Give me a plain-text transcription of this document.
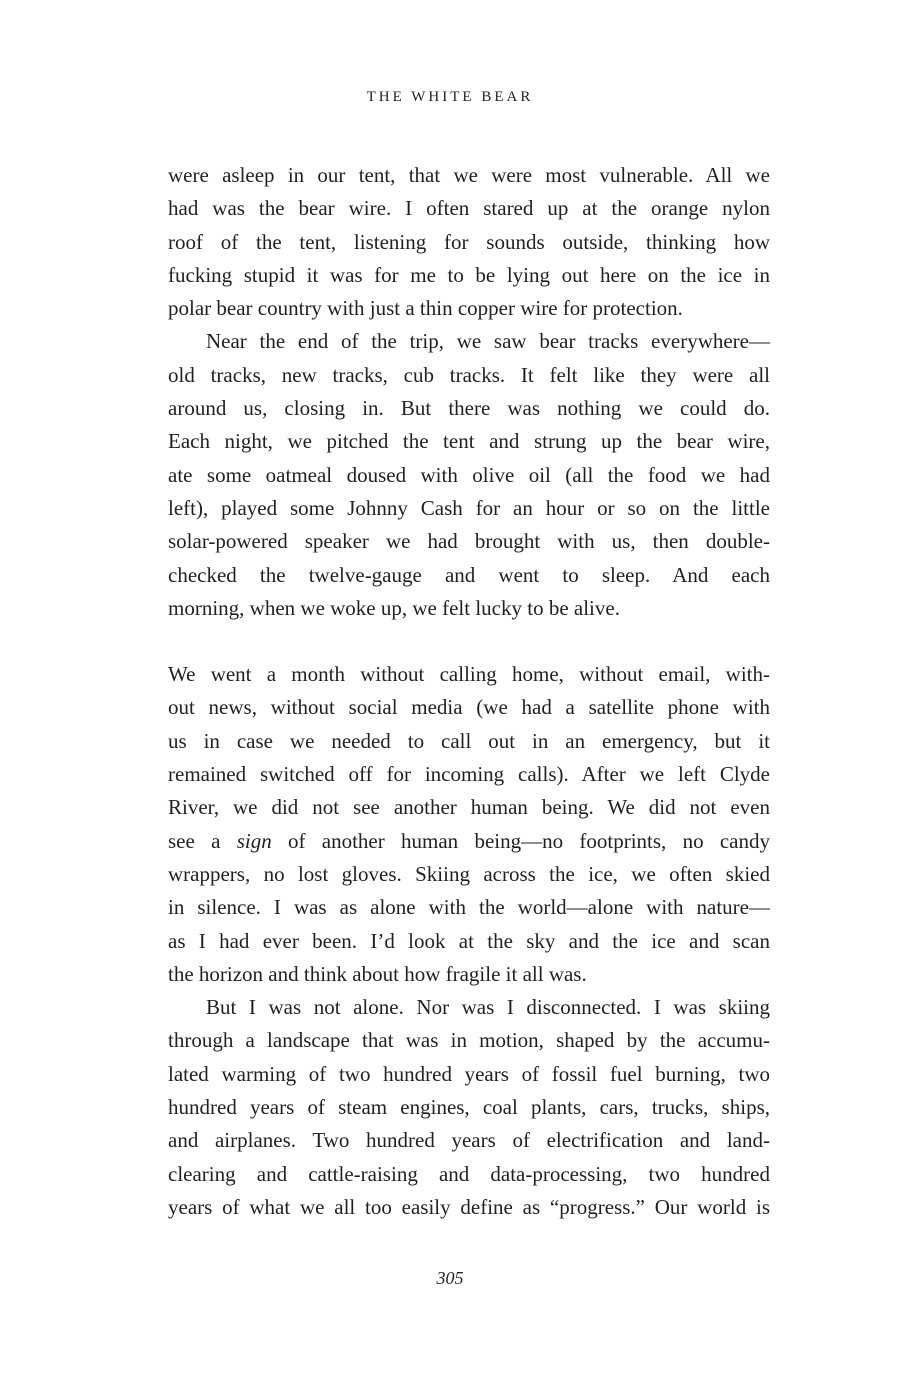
THE WHITE BEAR

were asleep in our tent, that we were most vulnerable. All we

had was the bear wire. I often stared up at the orange nylon

roof of the tent, listening for sounds outside, thinking how

fucking stupid it was for me to be lying out here on the ice in

polar bear country with just a thin copper wire for protection.

Near the end of the trip, we saw bear tracks everywhere—

old tracks, new tracks, cub tracks. It felt like they were all

around us, closing in. But there was nothing we could do.

Each night, we pitched the tent and strung up the bear wire,

ate some oatmeal doused with olive oil (all the food we had

left), played some Johnny Cash for an hour or so on the little

solar-powered speaker we had brought with us, then double-

checked the twelve-gauge and went to sleep. And each

morning, when we woke up, we felt lucky to be alive.

We went a month without calling home, without email, with-

out news, without social media (we had a satellite phone with

us in case we needed to call out in an emergency, but it

remained switched off for incoming calls). After we left Clyde

River, we did not see another human being. We did not even

see a sign of another human being—no footprints, no candy

wrappers, no lost gloves. Skiing across the ice, we often skied

in silence. I was as alone with the world—alone with nature—

as I had ever been. I’d look at the sky and the ice and scan

the horizon and think about how fragile it all was.

But I was not alone. Nor was I disconnected. I was skiing

through a landscape that was in motion, shaped by the accumu-

lated warming of two hundred years of fossil fuel burning, two

hundred years of steam engines, coal plants, cars, trucks, ships,

and airplanes. Two hundred years of electrification and land-

clearing and cattle-raising and data-processing, two hundred

years of what we all too easily define as “progress.” Our world is

305
